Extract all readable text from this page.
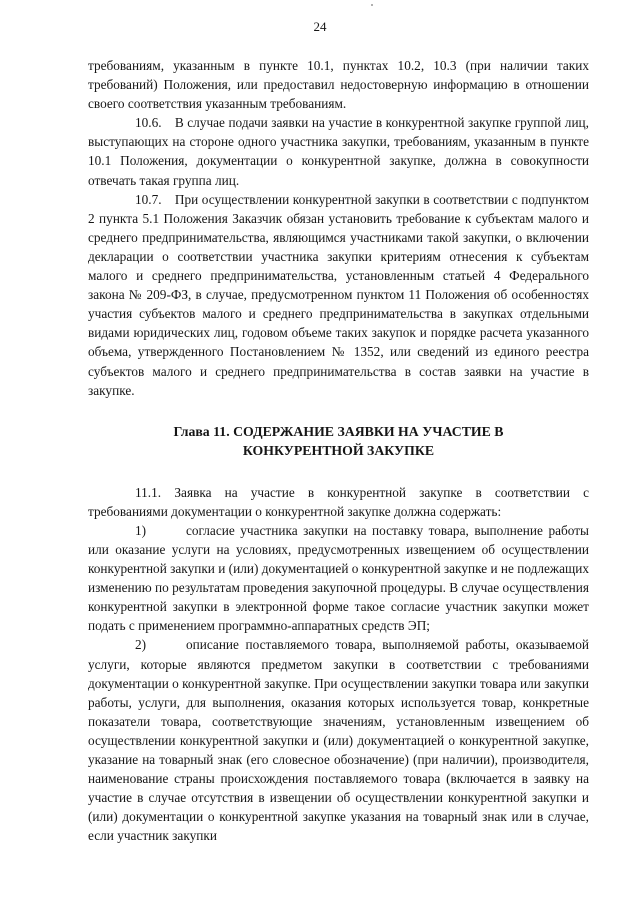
24

требованиям, указанным в пункте 10.1, пунктах 10.2, 10.3 (при наличии таких требований) Положения, или предоставил недостоверную информацию в отношении своего соответствия указанным требованиям.

10.6. В случае подачи заявки на участие в конкурентной закупке группой лиц, выступающих на стороне одного участника закупки, требованиям, указанным в пункте 10.1 Положения, документации о конкурентной закупке, должна в совокупности отвечать такая группа лиц.

10.7. При осуществлении конкурентной закупки в соответствии с подпунктом 2 пункта 5.1 Положения Заказчик обязан установить требование к субъектам малого и среднего предпринимательства, являющимся участниками такой закупки, о включении декларации о соответствии участника закупки критериям отнесения к субъектам малого и среднего предпринимательства, установленным статьей 4 Федерального закона № 209-ФЗ, в случае, предусмотренном пунктом 11 Положения об особенностях участия субъектов малого и среднего предпринимательства в закупках отдельными видами юридических лиц, годовом объеме таких закупок и порядке расчета указанного объема, утвержденного Постановлением № 1352, или сведений из единого реестра субъектов малого и среднего предпринимательства в состав заявки на участие в закупке.

Глава 11. СОДЕРЖАНИЕ ЗАЯВКИ НА УЧАСТИЕ В
КОНКУРЕНТНОЙ ЗАКУПКЕ

11.1. Заявка на участие в конкурентной закупке в соответствии с требованиями документации о конкурентной закупке должна содержать:

1)   согласие участника закупки на поставку товара, выполнение работы или оказание услуги на условиях, предусмотренных извещением об осуществлении конкурентной закупки и (или) документацией о конкурентной закупке и не подлежащих изменению по результатам проведения закупочной процедуры. В случае осуществления конкурентной закупки в электронной форме такое согласие участник закупки может подать с применением программно-аппаратных средств ЭП;

2)   описание поставляемого товара, выполняемой работы, оказываемой услуги, которые являются предметом закупки в соответствии с требованиями документации о конкурентной закупке. При осуществлении закупки товара или закупки работы, услуги, для выполнения, оказания которых используется товар, конкретные показатели товара, соответствующие значениям, установленным извещением об осуществлении конкурентной закупки и (или) документацией о конкурентной закупке, указание на товарный знак (его словесное обозначение) (при наличии), производителя, наименование страны происхождения поставляемого товара (включается в заявку на участие в случае отсутствия в извещении об осуществлении конкурентной закупки и (или) документации о конкурентной закупке указания на товарный знак или в случае, если участник закупки
